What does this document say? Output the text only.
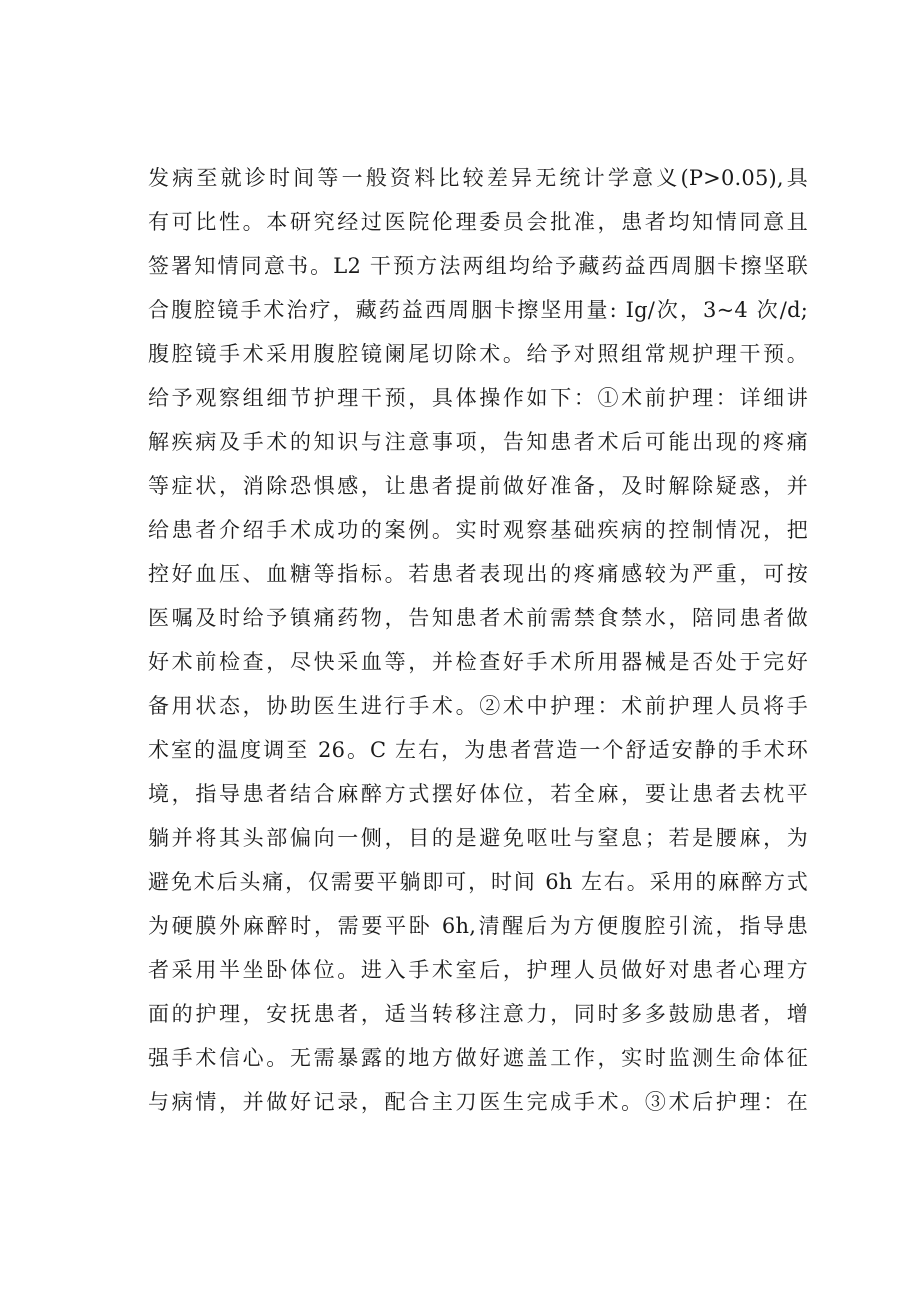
发病至就诊时间等一般资料比较差异无统计学意义(P>0.05),具
有可比性。本研究经过医院伦理委员会批准，患者均知情同意且
签署知情同意书。L2 干预方法两组均给予藏药益西周胭卡擦坚联
合腹腔镜手术治疗，藏药益西周胭卡擦坚用量: Ig/次，3~4 次/d;
腹腔镜手术采用腹腔镜阑尾切除术。给予对照组常规护理干预。
给予观察组细节护理干预，具体操作如下：①术前护理：详细讲
解疾病及手术的知识与注意事项，告知患者术后可能出现的疼痛
等症状，消除恐惧感，让患者提前做好准备，及时解除疑惑，并
给患者介绍手术成功的案例。实时观察基础疾病的控制情况，把
控好血压、血糖等指标。若患者表现出的疼痛感较为严重，可按
医嘱及时给予镇痛药物，告知患者术前需禁食禁水，陪同患者做
好术前检查，尽快采血等，并检查好手术所用器械是否处于完好
备用状态，协助医生进行手术。②术中护理：术前护理人员将手
术室的温度调至 26。C 左右，为患者营造一个舒适安静的手术环
境，指导患者结合麻醉方式摆好体位，若全麻，要让患者去枕平
躺并将其头部偏向一侧，目的是避免呕吐与窒息；若是腰麻，为
避免术后头痛，仅需要平躺即可，时间 6h 左右。采用的麻醉方式
为硬膜外麻醉时，需要平卧 6h,清醒后为方便腹腔引流，指导患
者采用半坐卧体位。进入手术室后，护理人员做好对患者心理方
面的护理，安抚患者，适当转移注意力，同时多多鼓励患者，增
强手术信心。无需暴露的地方做好遮盖工作，实时监测生命体征
与病情，并做好记录，配合主刀医生完成手术。③术后护理：在
